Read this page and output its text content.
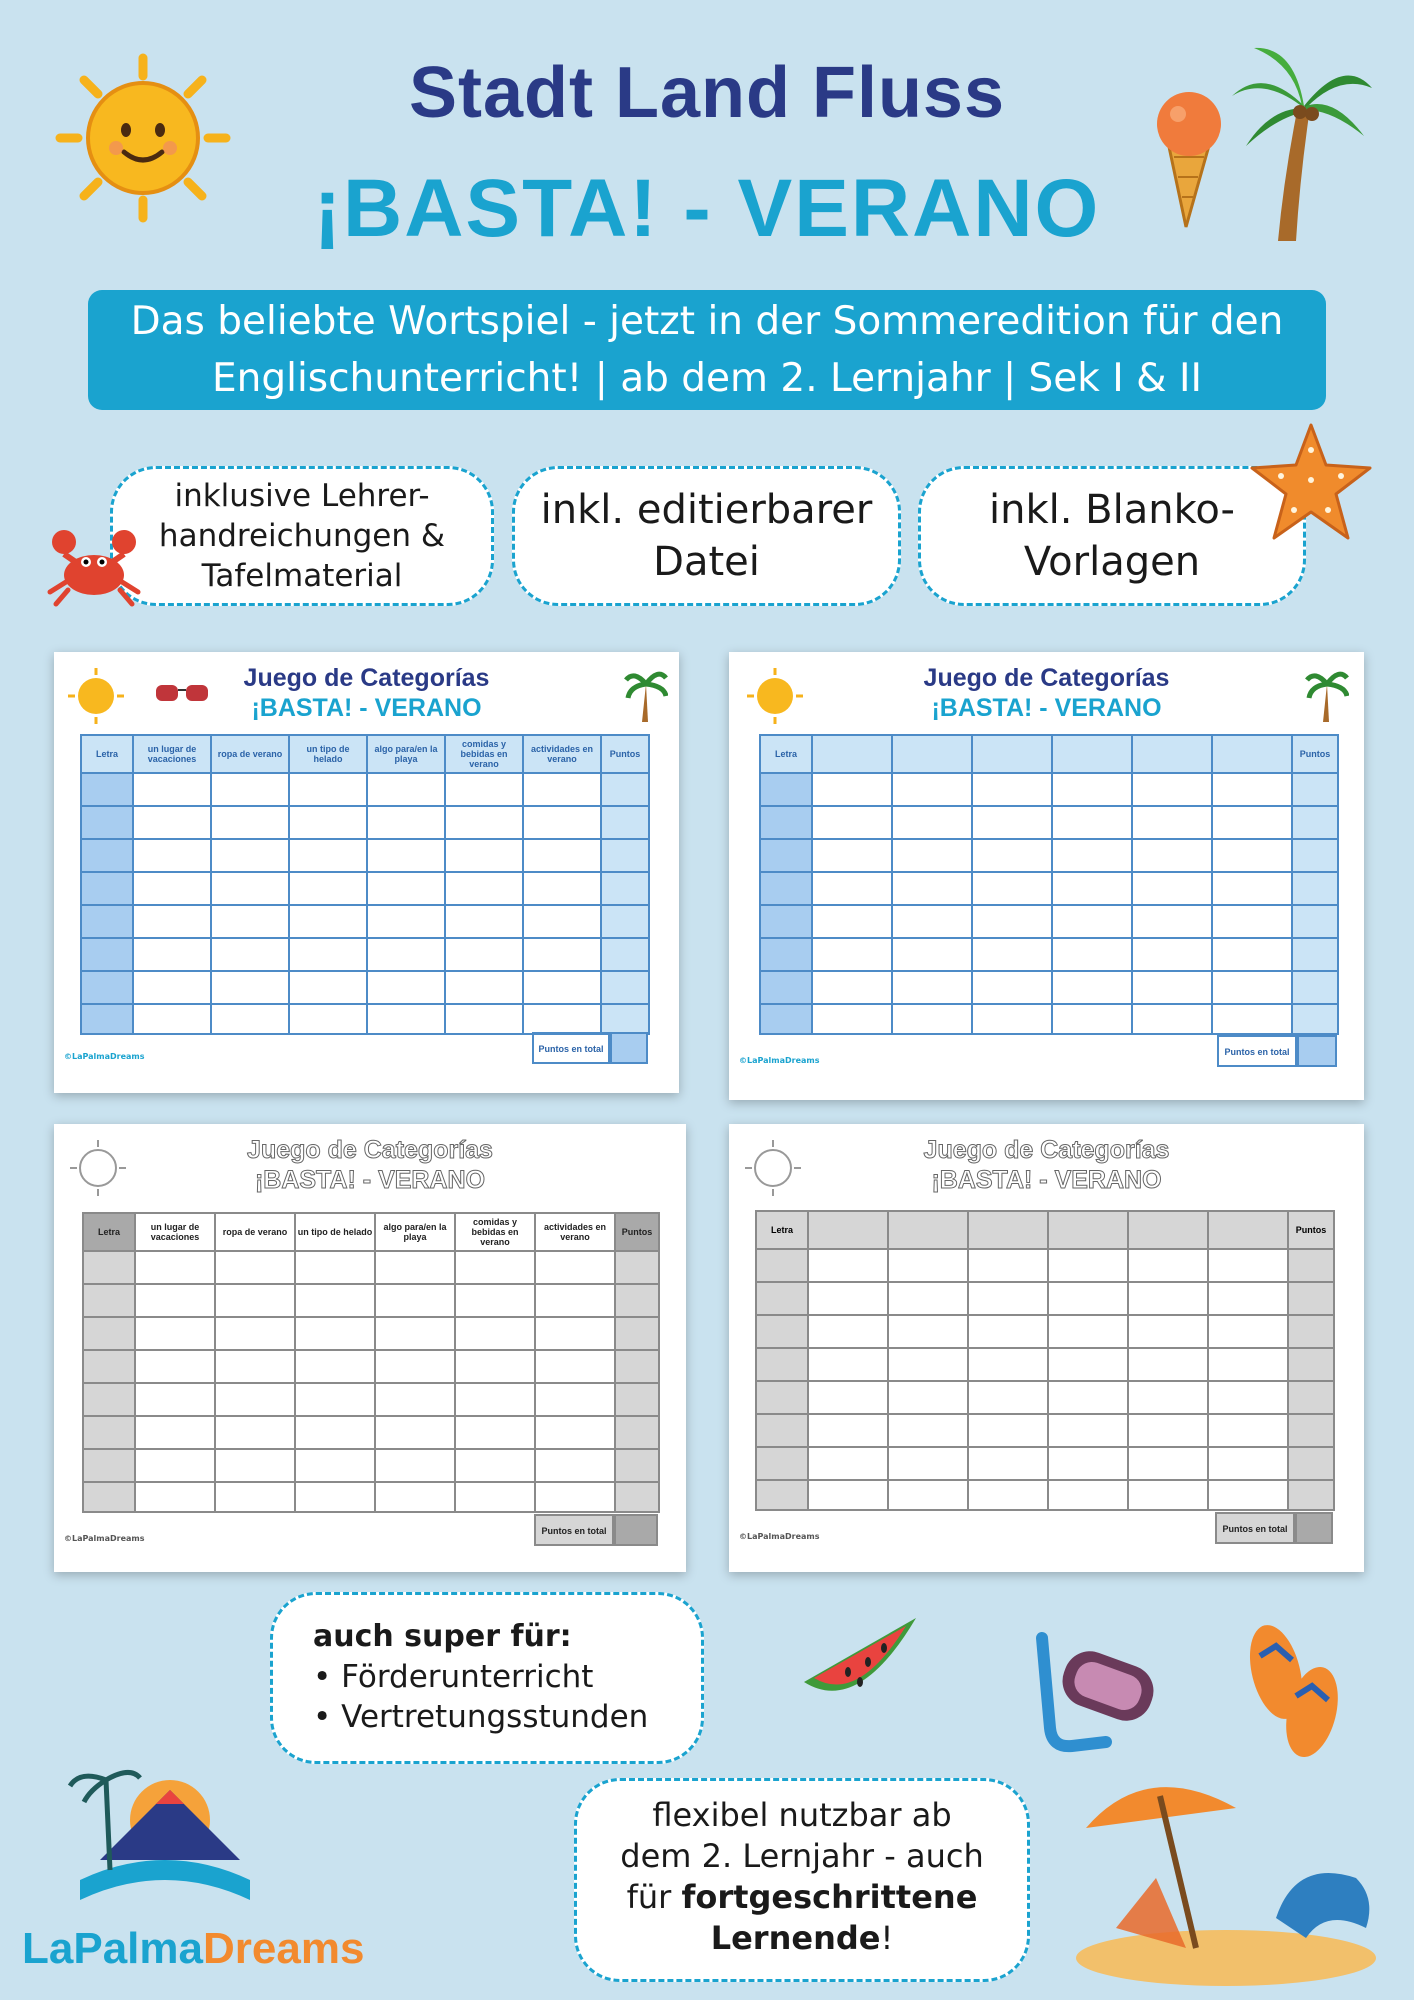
Stadt Land Fluss
¡BASTA! - VERANO
Das beliebte Wortspiel - jetzt in der Sommeredition für den
Englischunterricht! | ab dem 2. Lernjahr | Sek I & II
inklusive Lehrer-
handreichungen &
Tafelmaterial
inkl. editierbarer
Datei
inkl. Blanko-
Vorlagen
Juego de Categorías
¡BASTA! - VERANO
Letra	un lugar de vacaciones	ropa de verano	un tipo de helado	algo para/en la playa	comidas y bebidas en verano	actividades en verano	Puntos

Puntos en total
©LaPalmaDreams
Juego de Categorías
¡BASTA! - VERANO
Letra							Puntos

Puntos en total
©LaPalmaDreams
Juego de Categorías
¡BASTA! - VERANO
Letra	un lugar de vacaciones	ropa de verano	un tipo de helado	algo para/en la playa	comidas y bebidas en verano	actividades en verano	Puntos

Puntos en total
©LaPalmaDreams
Juego de Categorías
¡BASTA! - VERANO
Letra							Puntos

Puntos en total
©LaPalmaDreams
auch super für:
• Förderunterricht
• Vertretungsstunden
flexibel nutzbar ab
dem 2. Lernjahr - auch
für fortgeschrittene
Lernende!
LaPalmaDreams
